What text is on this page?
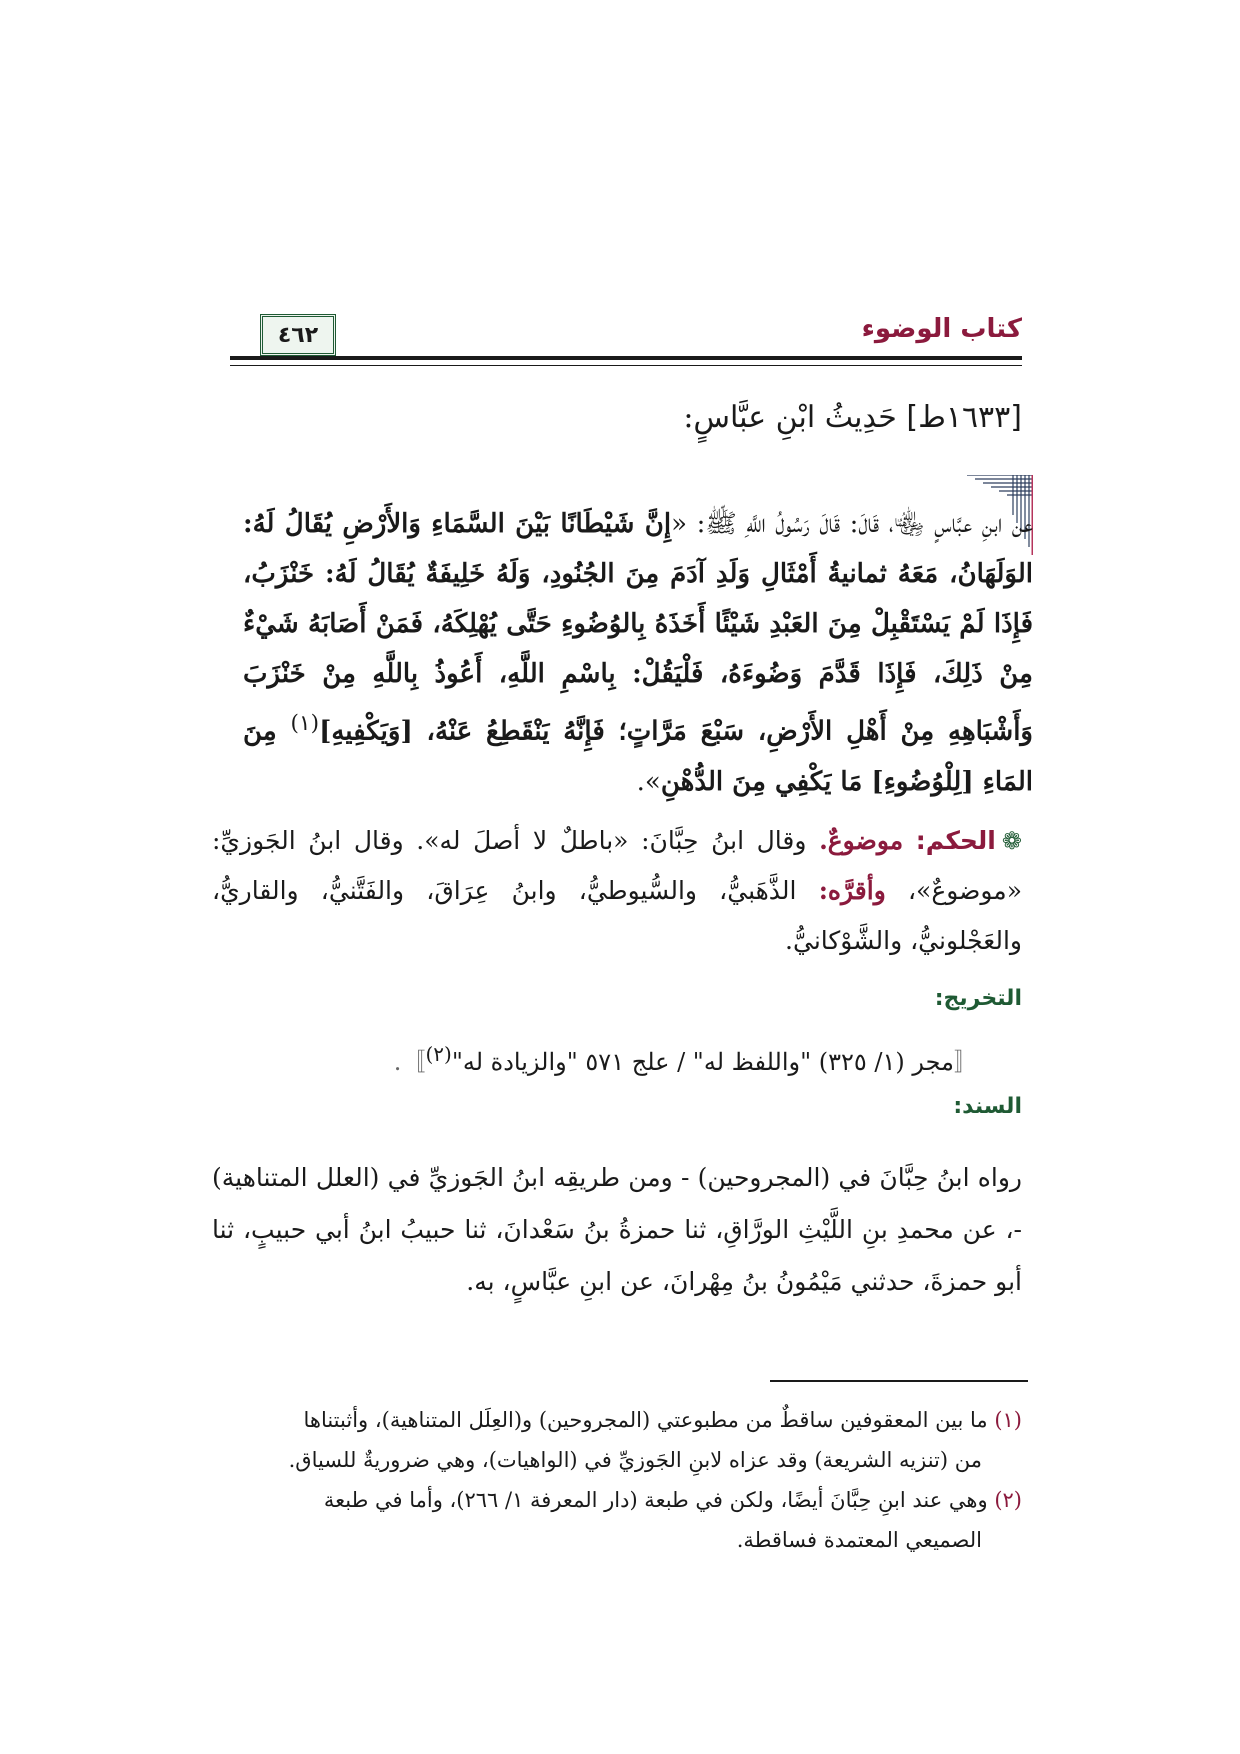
كتاب الوضوء
٤٦٢
[١٦٣٣ط] حَدِيثُ ابْنِ عبَّاسٍ:
عن ابنِ عبَّاسٍ ﵄، قَالَ: قَالَ رَسُولُ اللَّهِ ﷺ: «إِنَّ شَيْطَانًا بَيْنَ السَّمَاءِ وَالأَرْضِ يُقَالُ لَهُ: الوَلَهَانُ، مَعَهُ ثمانيةُ أَمْثَالِ وَلَدِ آدَمَ مِنَ الجُنُودِ، وَلَهُ خَلِيفَةٌ يُقَالُ لَهُ: خَنْزَبُ، فَإِذَا لَمْ يَسْتَقْبِلْ مِنَ العَبْدِ شَيْئًا أَخَذَهُ بِالوُضُوءِ حَتَّى يُهْلِكَهُ، فَمَنْ أَصَابَهُ شَيْءٌ مِنْ ذَلِكَ، فَإِذَا قَدَّمَ وَضُوءَهُ، فَلْيَقُلْ: بِاسْمِ اللَّهِ، أَعُوذُ بِاللَّهِ مِنْ خَنْزَبَ وَأَشْبَاهِهِ مِنْ أَهْلِ الأَرْضِ، سَبْعَ مَرَّاتٍ؛ فَإِنَّهُ يَنْقَطِعُ عَنْهُ، [وَيَكْفِيهِ]$^{(١)}$ مِنَ المَاءِ [لِلْوُضُوءِ] مَا يَكْفِي مِنَ الدُّهْنِ».
❁الحكم: موضوعٌ. وقال ابنُ حِبَّانَ: «باطلٌ لا أصلَ له». وقال ابنُ الجَوزيِّ: «موضوعٌ»، وأقرَّه: الذَّهَبيُّ، والسُّيوطيُّ، وابنُ عِرَاقَ، والفَتَّنيُّ، والقاريُّ، والعَجْلونيُّ، والشَّوْكانيُّ.
التخريج:
〚مجر (١/ ٣٢٥) "واللفظ له" / علج ٥٧١ "والزيادة له"$^{(٢)}$〛.
السند:
رواه ابنُ حِبَّانَ في (المجروحين) - ومن طريقِه ابنُ الجَوزيِّ في (العلل المتناهية) -، عن محمدِ بنِ اللَّيْثِ الورَّاقِ، ثنا حمزةُ بنُ سَعْدانَ، ثنا حبيبُ ابنُ أبي حبيبٍ، ثنا أبو حمزةَ، حدثني مَيْمُونُ بنُ مِهْرانَ، عن ابنِ عبَّاسٍ، به.
(١) ما بين المعقوفين ساقطٌ من مطبوعتي (المجروحين) و(العِلَل المتناهية)، وأثبتناها
من (تنزيه الشريعة) وقد عزاه لابنِ الجَوزيِّ في (الواهيات)، وهي ضروريةٌ للسياق.
(٢) وهي عند ابنِ حِبَّانَ أيضًا، ولكن في طبعة (دار المعرفة ١/ ٢٦٦)، وأما في طبعة
الصميعي المعتمدة فساقطة.
